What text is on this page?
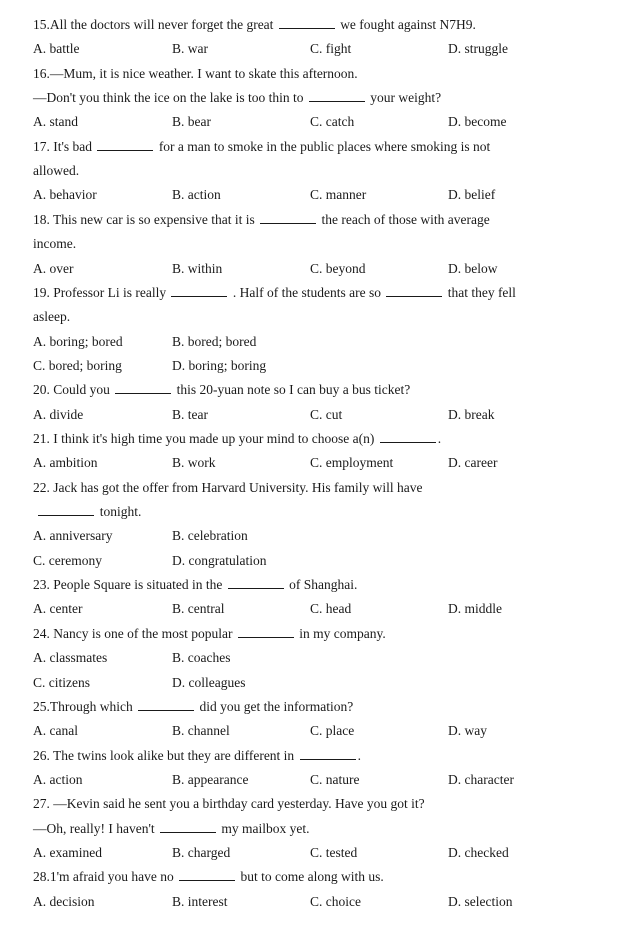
15.All the doctors will never forget the great	we fought against N7H9.
A. battle	B. war	C. fight	D. struggle
16.—Mum, it is nice weather. I want to skate this afternoon.
—Don't you think the ice on the lake is too thin to	your weight?
A. stand	B. bear	C. catch	D. become
17. It's bad	for a man to smoke in the public places where smoking is not
allowed.
A. behavior	B. action	C. manner	D. belief
18. This new car is so expensive that it is	the reach of those with average
income.
A. over	B. within	C. beyond	D. below
19. Professor Li is really	. Half of the students are so	that they fell
asleep.
A. boring; bored	B. bored; bored
C. bored; boring	D. boring; boring
20. Could you	this 20-yuan note so I can buy a bus ticket?
A. divide	B. tear	C. cut	D. break
21. I think it's high time you made up your mind to choose a(n)	.
A. ambition	B. work	C. employment	D. career
22. Jack has got the offer from Harvard University. His family will have
tonight.
A. anniversary	B. celebration
C. ceremony	D. congratulation
23. People Square is situated in the	of Shanghai.
A. center	B. central	C. head	D. middle
24. Nancy is one of the most popular	in my company.
A. classmates	B. coaches
C. citizens	D. colleagues
25.Through which	did you get the information?
A. canal	B. channel	C. place	D. way
26. The twins look alike but they are different in	.
A. action	B. appearance	C. nature	D. character
27. —Kevin said he sent you a birthday card yesterday. Have you got it?
—Oh, really! I haven't	my mailbox yet.
A. examined	B. charged	C. tested	D. checked
28.1'm afraid you have no	but to come along with us.
A. decision	B. interest	C. choice	D. selection
